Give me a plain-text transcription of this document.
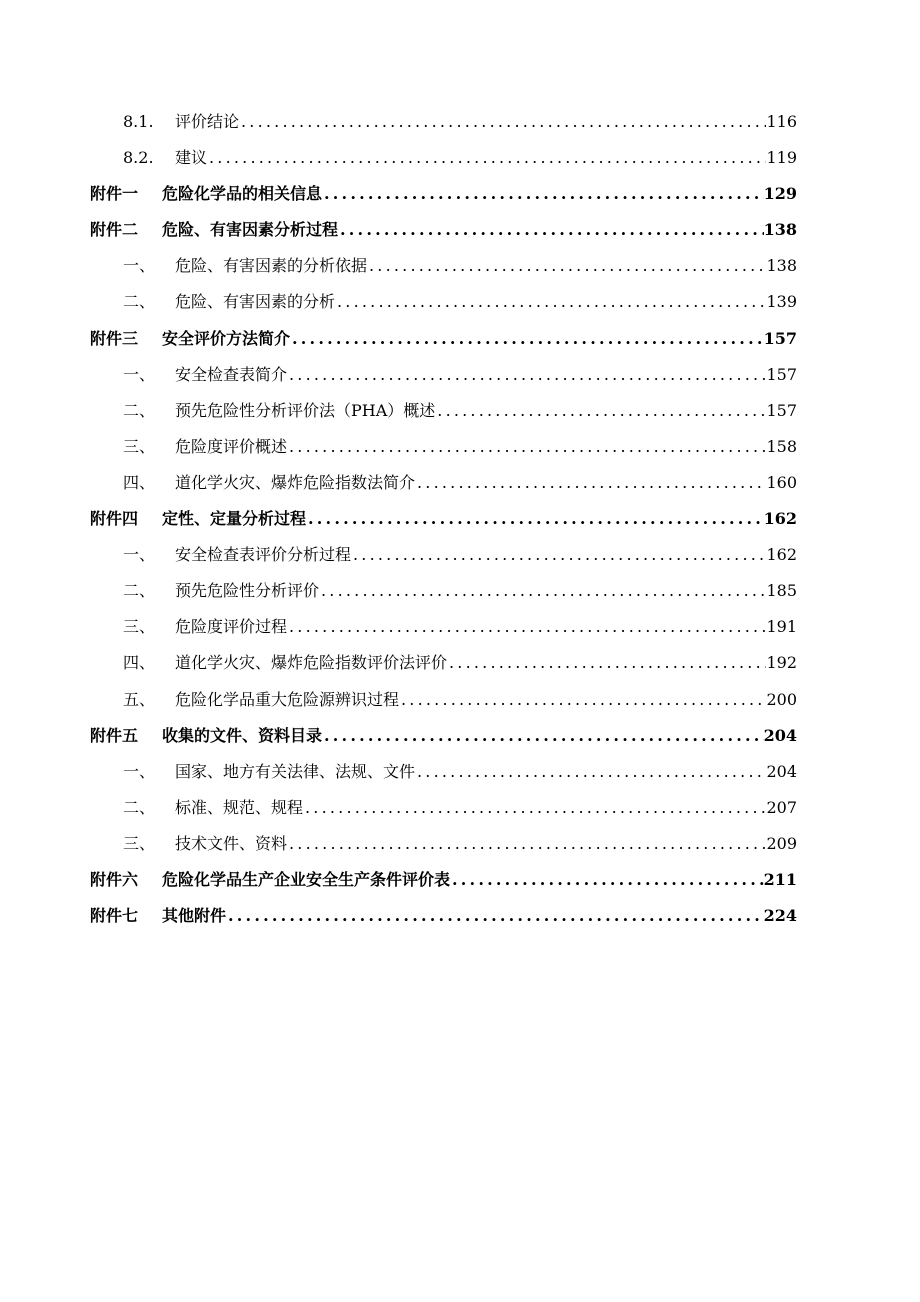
8.1.	评价结论 .....	116
8.2.	建议 .....	119
附件一	危险化学品的相关信息 .....	129
附件二	危险、有害因素分析过程 .....	138
一、	危险、有害因素的分析依据 .....	138
二、	危险、有害因素的分析 .....	139
附件三	安全评价方法简介 .....	157
一、	安全检查表简介 .....	157
二、	预先危险性分析评价法（PHA）概述 .....	157
三、	危险度评价概述 .....	158
四、	道化学火灾、爆炸危险指数法简介 .....	160
附件四	定性、定量分析过程 .....	162
一、	安全检查表评价分析过程 .....	162
二、	预先危险性分析评价 .....	185
三、	危险度评价过程 .....	191
四、	道化学火灾、爆炸危险指数评价法评价 .....	192
五、	危险化学品重大危险源辨识过程 .....	200
附件五	收集的文件、资料目录 .....	204
一、	国家、地方有关法律、法规、文件 .....	204
二、	标准、规范、规程 .....	207
三、	技术文件、资料 .....	209
附件六	危险化学品生产企业安全生产条件评价表 .....	211
附件七	其他附件 .....	224
